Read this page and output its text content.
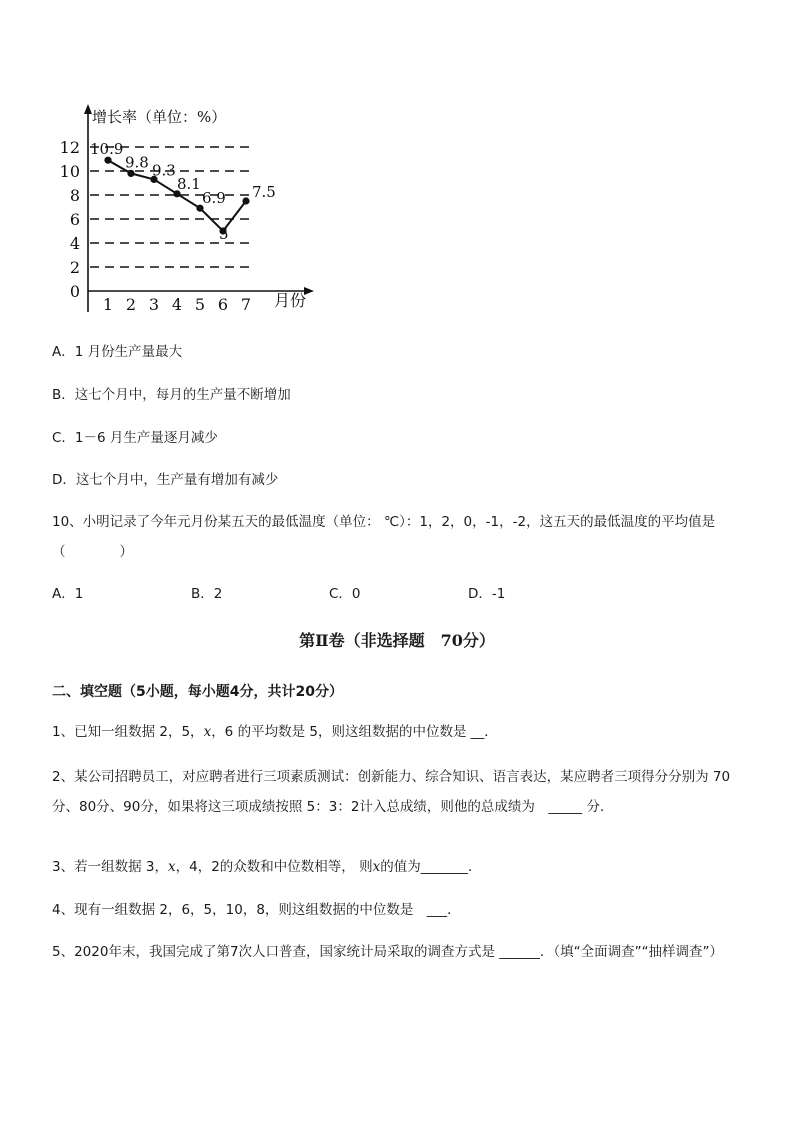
增长率（单位：%）
月份
0
2
4
6
8
10
12
1 2 3 4 5 6 7
10.9
9.8 9.3
8.1
6.9
5
7.5
A．1 月份生产量最大
B．这七个月中，每月的生产量不断增加
C．1－6 月生产量逐月减少
D．这七个月中，生产量有增加有减少
10、小明记录了今年元月份某五天的最低温度（单位： ℃）：1，2，0，-1，-2，这五天的最低温度的平均值是（　　　　）
A．1	B．2	C．0	D．-1
第Ⅱ卷（非选择题　70分）
二、填空题（5小题，每小题4分，共计20分）
1、已知一组数据 2，5，x，6 的平均数是 5，则这组数据的中位数是 __．
2、某公司招聘员工，对应聘者进行三项素质测试：创新能力、综合知识、语言表达，某应聘者三项得分分别为 70分、80分、90分，如果将这三项成绩按照 5：3：2计入总成绩，则他的总成绩为　_____ 分．
3、若一组数据 3，x，4，2的众数和中位数相等， 则x的值为_______．
4、现有一组数据 2，6，5，10，8，则这组数据的中位数是　___．
5、2020年末，我国完成了第7次人口普查，国家统计局采取的调查方式是 ______．（填“全面调查”“抽样调查”）
